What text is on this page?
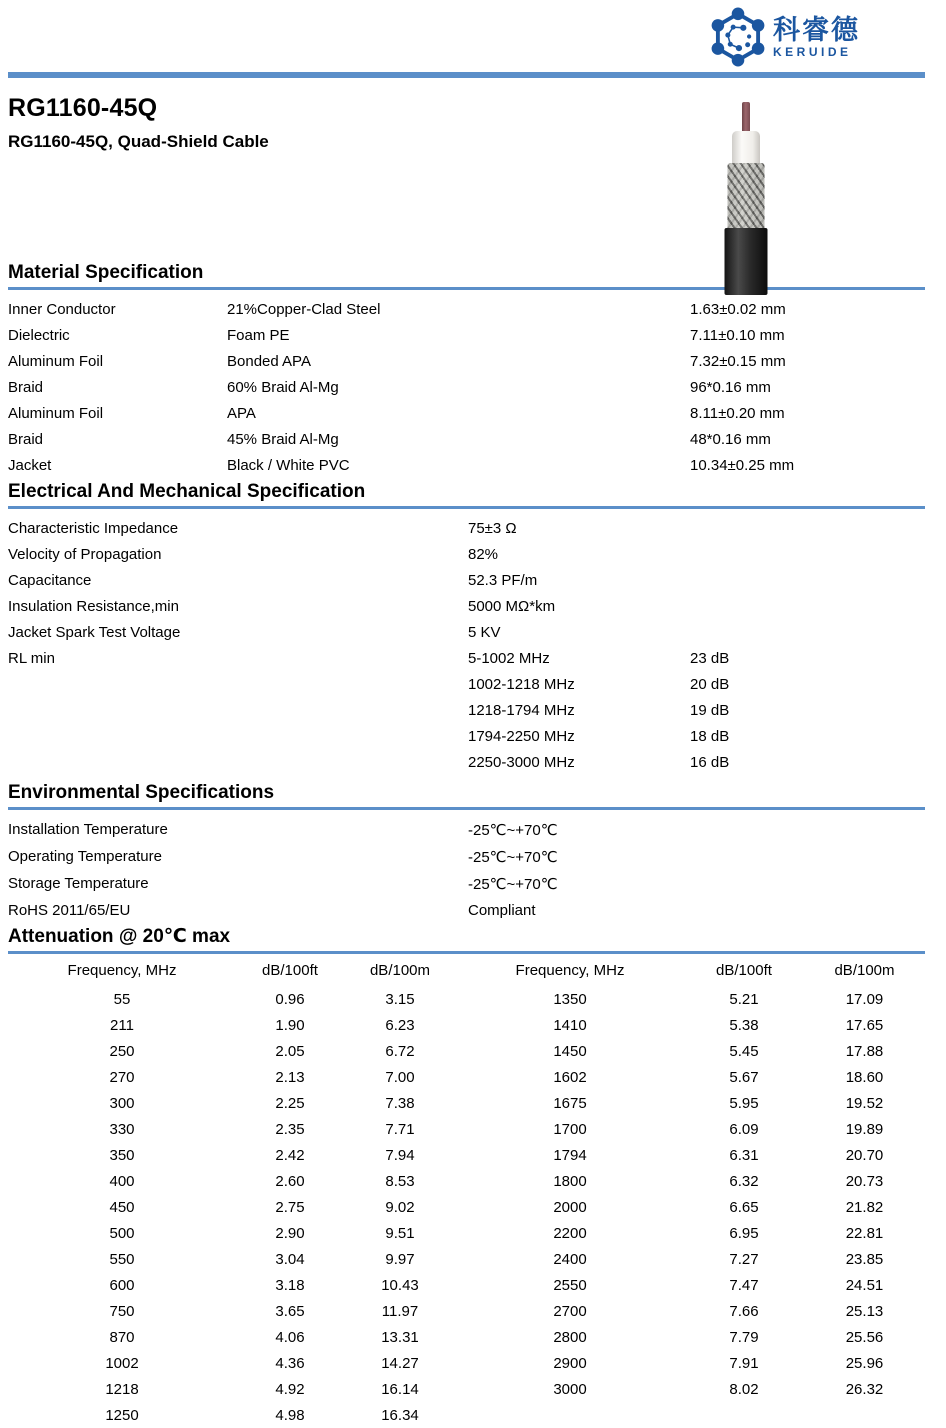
科睿德
KERUIDE
RG1160-45Q
RG1160-45Q, Quad-Shield Cable
Material Specification
Inner Conductor	21%Copper-Clad Steel	1.63±0.02 mm
Dielectric	Foam PE	7.11±0.10 mm
Aluminum Foil	Bonded APA	7.32±0.15 mm
Braid	60% Braid Al-Mg	96*0.16 mm
Aluminum Foil	APA	8.11±0.20 mm
Braid	45% Braid Al-Mg	48*0.16 mm
Jacket	Black / White PVC	10.34±0.25 mm
Electrical And Mechanical Specification
Characteristic Impedance	75±3 Ω
Velocity of Propagation	82%
Capacitance	52.3 PF/m
Insulation Resistance,min	5000 MΩ*km
Jacket Spark Test Voltage	5 KV
RL min	5-1002 MHz	23 dB
1002-1218 MHz	20 dB
1218-1794 MHz	19 dB
1794-2250 MHz	18 dB
2250-3000 MHz	16 dB
Environmental Specifications
Installation Temperature	-25℃~+70℃
Operating Temperature	-25℃~+70℃
Storage Temperature	-25℃~+70℃
RoHS 2011/65/EU	Compliant
Attenuation @ 20℃ max
Frequency, MHz	dB/100ft	dB/100m	Frequency, MHz	dB/100ft	dB/100m
55	0.96	3.15	1350	5.21	17.09
211	1.90	6.23	1410	5.38	17.65
250	2.05	6.72	1450	5.45	17.88
270	2.13	7.00	1602	5.67	18.60
300	2.25	7.38	1675	5.95	19.52
330	2.35	7.71	1700	6.09	19.89
350	2.42	7.94	1794	6.31	20.70
400	2.60	8.53	1800	6.32	20.73
450	2.75	9.02	2000	6.65	21.82
500	2.90	9.51	2200	6.95	22.81
550	3.04	9.97	2400	7.27	23.85
600	3.18	10.43	2550	7.47	24.51
750	3.65	11.97	2700	7.66	25.13
870	4.06	13.31	2800	7.79	25.56
1002	4.36	14.27	2900	7.91	25.96
1218	4.92	16.14	3000	8.02	26.32
1250	4.98	16.34
